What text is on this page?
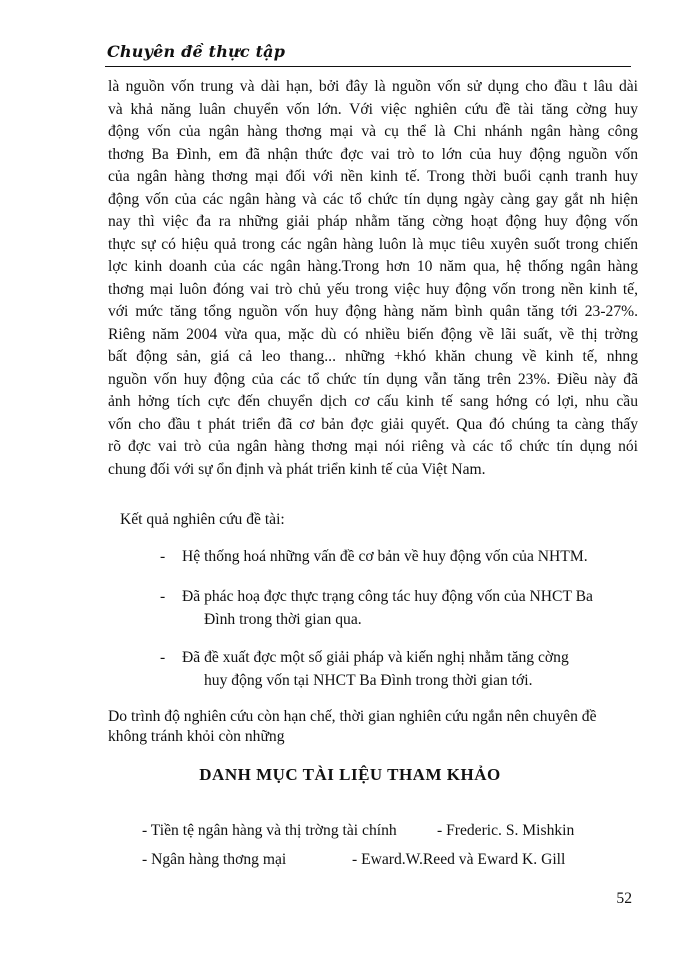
Chuyên đề thực tập
là nguồn vốn trung và dài hạn, bởi đây là nguồn vốn sử dụng cho đầu t lâu dài
và khả năng luân chuyển vốn lớn. Với việc nghiên cứu đề tài tăng cờng huy
động vốn của ngân hàng thơng mại và cụ thể là Chi nhánh ngân hàng công
thơng Ba Đình, em đã nhận thức đợc vai trò to lớn của huy động nguồn vốn
của ngân hàng thơng mại đối với nền kinh tế. Trong thời buổi cạnh tranh huy
động vốn của các ngân hàng và các tổ chức tín dụng ngày càng gay gắt nh hiện
nay thì việc đa ra những giải pháp nhằm tăng cờng hoạt động huy động vốn
thực sự có hiệu quả trong các ngân hàng luôn là mục tiêu xuyên suốt trong chiến
lợc kinh doanh của các ngân hàng.Trong hơn 10 năm qua, hệ thống ngân hàng
thơng mại luôn đóng vai trò chủ yếu trong việc huy động vốn trong nền kinh tế,
với mức tăng tổng nguồn vốn huy động hàng năm bình quân tăng tới 23-27%.
Riêng năm 2004 vừa qua, mặc dù có nhiều biến động về lãi suất, về thị trờng
bất động sản, giá cả leo thang... những +khó khăn chung về kinh tế, nhng
nguồn vốn huy động của các tổ chức tín dụng vẫn tăng trên 23%. Điều này đã
ảnh hởng tích cực đến chuyển dịch cơ cấu kinh tế sang hớng có lợi, nhu cầu
vốn cho đầu t phát triển đã cơ bản đợc giải quyết. Qua đó chúng ta càng thấy
rõ đợc vai trò của ngân hàng thơng mại nói riêng và các tổ chức tín dụng nói
chung đối với sự ổn định và phát triển kinh tế của Việt Nam.
Kết quả nghiên cứu đề tài:
- Hệ thống hoá những vấn đề cơ bản về huy động vốn của NHTM.
- Đã phác hoạ đợc thực trạng công tác huy động vốn của NHCT Ba
Đình trong thời gian qua.
- Đã đề xuất đợc một số giải pháp và kiến nghị nhằm tăng cờng
huy động vốn tại NHCT Ba Đình trong thời gian tới.
Do trình độ nghiên cứu còn hạn chế, thời gian nghiên cứu ngắn nên chuyên đề
không tránh khỏi còn những
DANH MỤC TÀI LIỆU THAM KHẢO
- Tiền tệ ngân hàng và thị trờng tài chính	- Frederic. S. Mishkin
- Ngân hàng thơng mại	- Eward.W.Reed và Eward K. Gill
52
